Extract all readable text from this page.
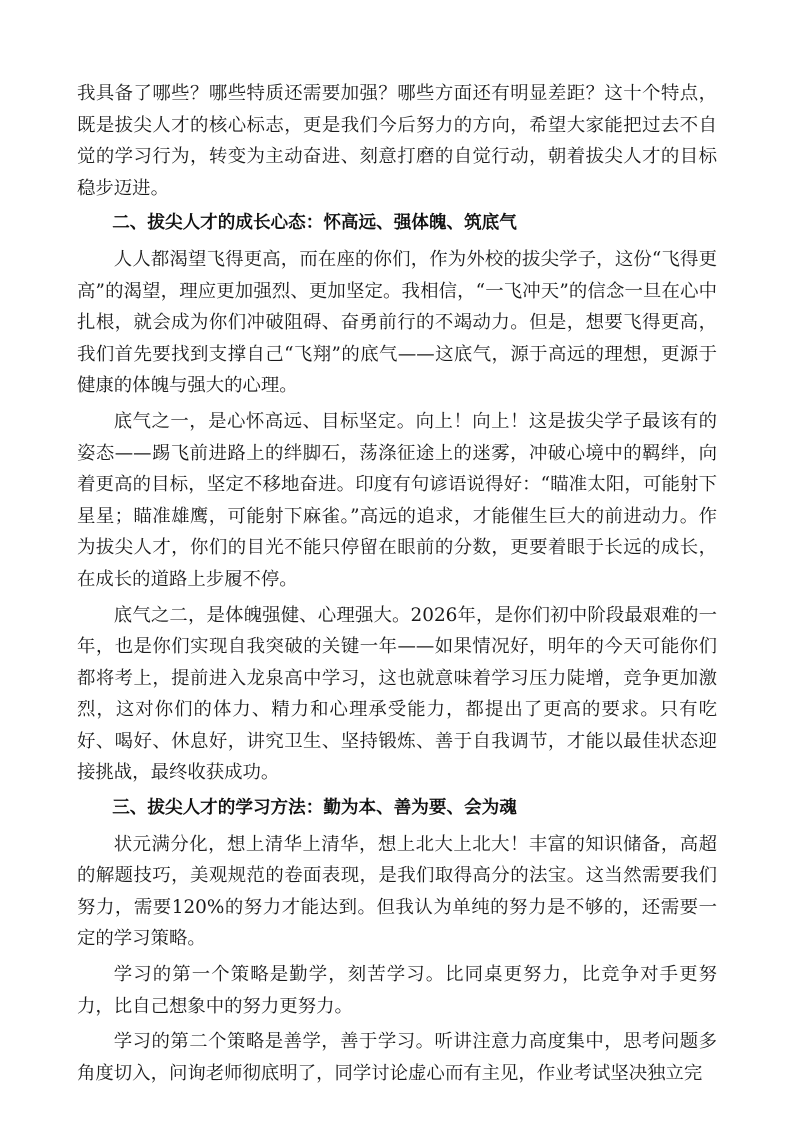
我具备了哪些？哪些特质还需要加强？哪些方面还有明显差距？这十个特点，既是拔尖人才的核心标志，更是我们今后努力的方向，希望大家能把过去不自觉的学习行为，转变为主动奋进、刻意打磨的自觉行动，朝着拔尖人才的目标稳步迈进。

二、拔尖人才的成长心态：怀高远、强体魄、筑底气

人人都渴望飞得更高，而在座的你们，作为外校的拔尖学子，这份“飞得更高”的渴望，理应更加强烈、更加坚定。我相信，“一飞冲天”的信念一旦在心中扎根，就会成为你们冲破阻碍、奋勇前行的不竭动力。但是，想要飞得更高，我们首先要找到支撑自己“飞翔”的底气——这底气，源于高远的理想，更源于健康的体魄与强大的心理。

底气之一，是心怀高远、目标坚定。向上！向上！这是拔尖学子最该有的姿态——踢飞前进路上的绊脚石，荡涤征途上的迷雾，冲破心境中的羁绊，向着更高的目标，坚定不移地奋进。印度有句谚语说得好：“瞄准太阳，可能射下星星；瞄准雄鹰，可能射下麻雀。”高远的追求，才能催生巨大的前进动力。作为拔尖人才，你们的目光不能只停留在眼前的分数，更要着眼于长远的成长，在成长的道路上步履不停。

底气之二，是体魄强健、心理强大。2026年，是你们初中阶段最艰难的一年，也是你们实现自我突破的关键一年——如果情况好，明年的今天可能你们都将考上，提前进入龙泉高中学习，这也就意味着学习压力陡增，竞争更加激烈，这对你们的体力、精力和心理承受能力，都提出了更高的要求。只有吃好、喝好、休息好，讲究卫生、坚持锻炼、善于自我调节，才能以最佳状态迎接挑战，最终收获成功。

三、拔尖人才的学习方法：勤为本、善为要、会为魂

状元满分化，想上清华上清华，想上北大上北大！丰富的知识储备，高超的解题技巧，美观规范的卷面表现，是我们取得高分的法宝。这当然需要我们努力，需要120%的努力才能达到。但我认为单纯的努力是不够的，还需要一定的学习策略。

学习的第一个策略是勤学，刻苦学习。比同桌更努力，比竞争对手更努力，比自己想象中的努力更努力。

学习的第二个策略是善学，善于学习。听讲注意力高度集中，思考问题多角度切入，问询老师彻底明了，同学讨论虚心而有主见，作业考试坚决独立完
